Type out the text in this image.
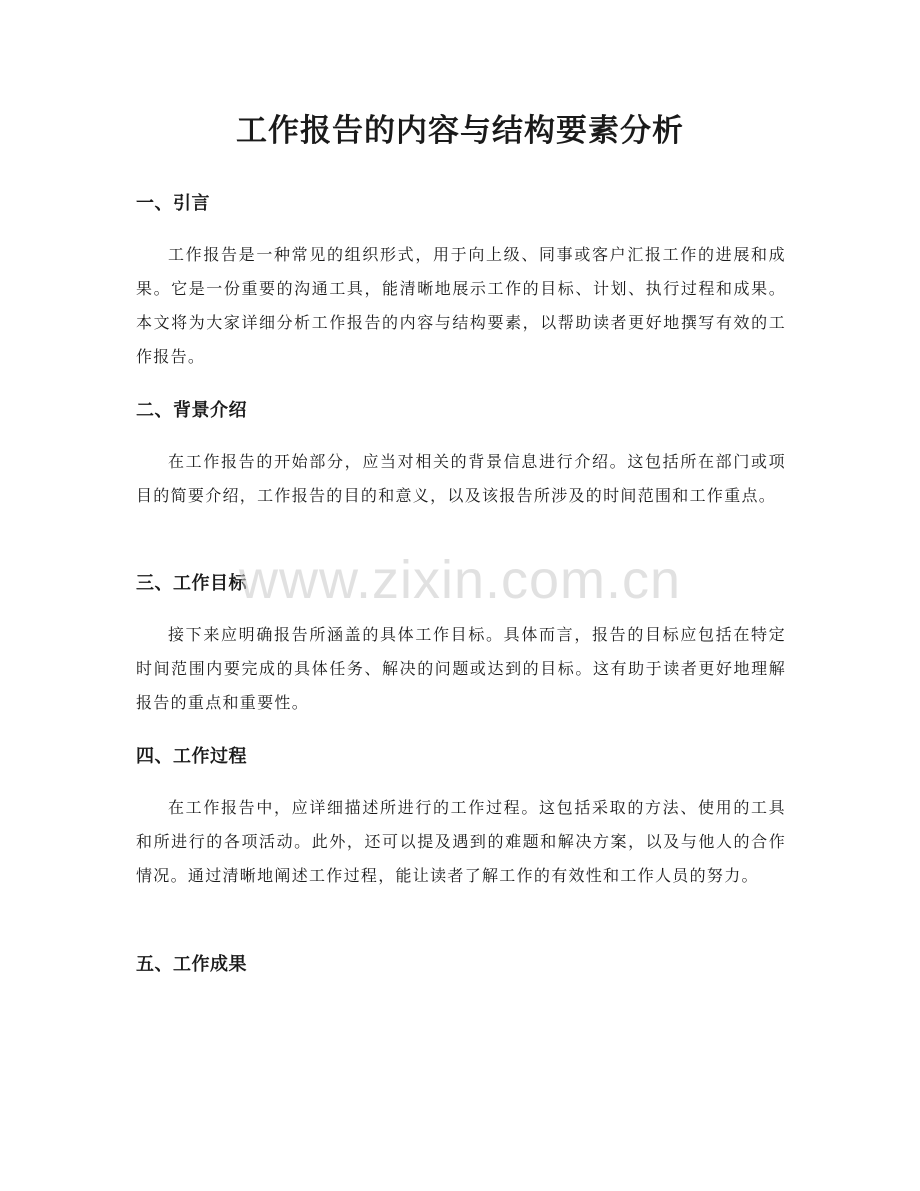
工作报告的内容与结构要素分析
一、引言

工作报告是一种常见的组织形式，用于向上级、同事或客户汇报工作的进展和成果。它是一份重要的沟通工具，能清晰地展示工作的目标、计划、执行过程和成果。本文将为大家详细分析工作报告的内容与结构要素，以帮助读者更好地撰写有效的工作报告。

二、背景介绍

在工作报告的开始部分，应当对相关的背景信息进行介绍。这包括所在部门或项目的简要介绍，工作报告的目的和意义，以及该报告所涉及的时间范围和工作重点。

三、工作目标

接下来应明确报告所涵盖的具体工作目标。具体而言，报告的目标应包括在特定时间范围内要完成的具体任务、解决的问题或达到的目标。这有助于读者更好地理解报告的重点和重要性。

四、工作过程

在工作报告中，应详细描述所进行的工作过程。这包括采取的方法、使用的工具和所进行的各项活动。此外，还可以提及遇到的难题和解决方案，以及与他人的合作情况。通过清晰地阐述工作过程，能让读者了解工作的有效性和工作人员的努力。

五、工作成果
www.zixin.com.cn
